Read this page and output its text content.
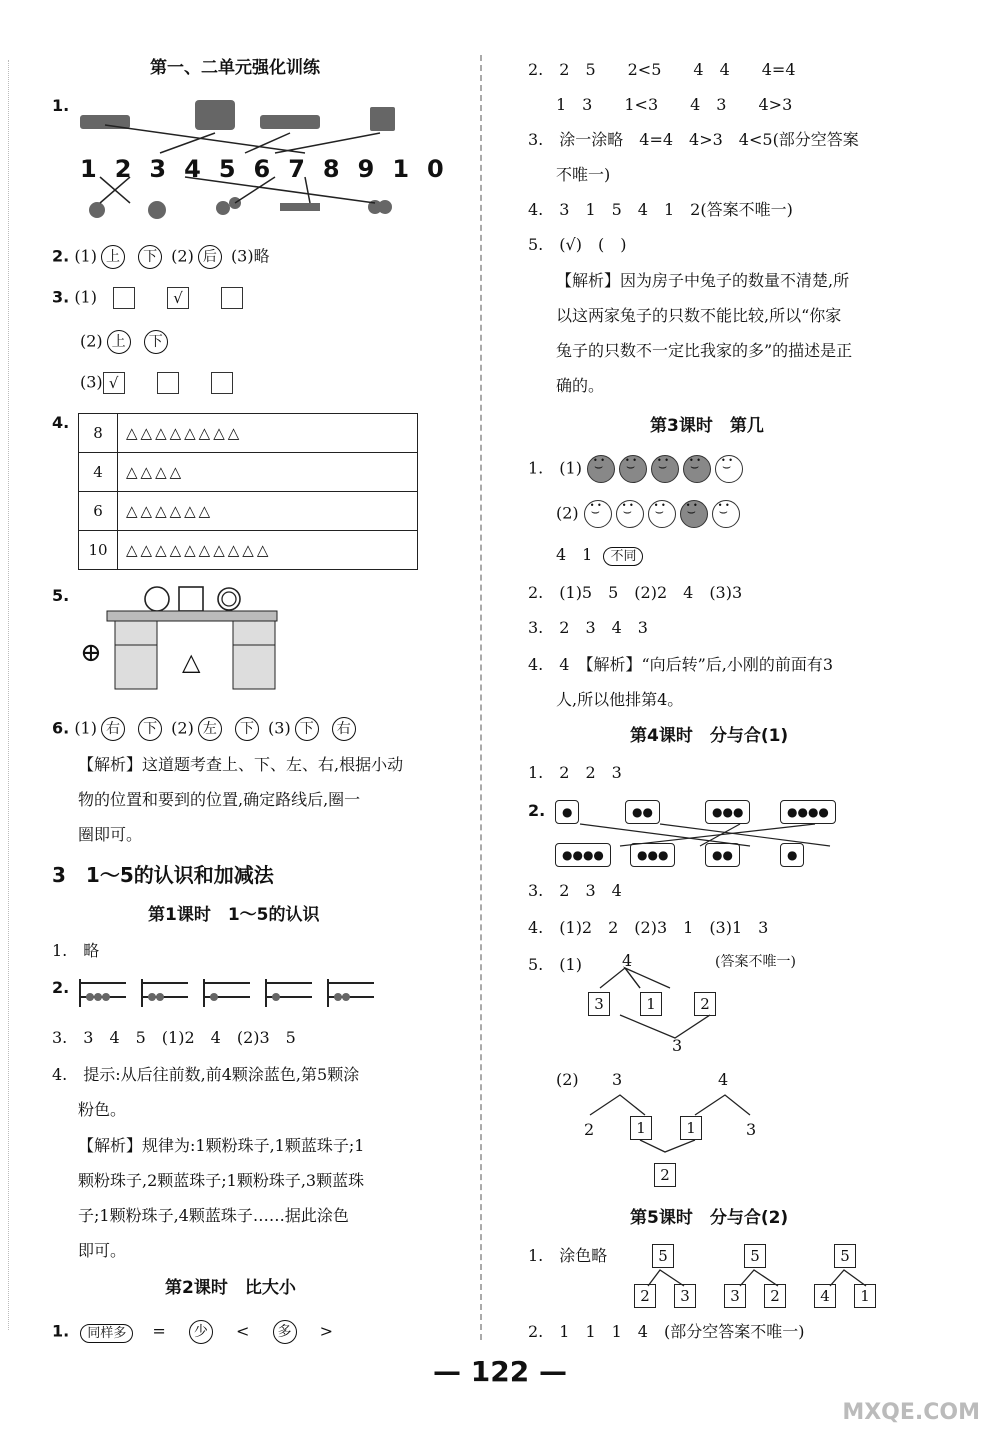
第一、二单元强化训练
1.
12345678910
2. (1) 上 下 (2) 后 (3)略
3. (1)	√
(2) 上 下
(3) √
4.
8	△△△△△△△△
4	△△△△
6	△△△△△△
10	△△△△△△△△△△
5.
⊕	△
6. (1) 右 下 (2) 左 下 (3) 下 右
【解析】这道题考查上、下、左、右,根据小动
物的位置和要到的位置,确定路线后,圈一
圈即可。
3　1～5的认识和加减法
第1课时　1～5的认识
1.　略
2.
3.　3　4　5　(1)2　4　(2)3　5
4.　提示:从后往前数,前4颗涂蓝色,第5颗涂
粉色。
【解析】规律为:1颗粉珠子,1颗蓝珠子;1
颗粉珠子,2颗蓝珠子;1颗粉珠子,3颗蓝珠
子;1颗粉珠子,4颗蓝珠子……据此涂色
即可。
第2课时　比大小
1. 同样多 = 少 < 多 >
2.　2　5　　2<5　　4　4　　4=4
1　3　　1<3　　4　3　　4>3
3.　涂一涂略　4=4　4>3　4<5(部分空答案
不唯一)
4.　3　1　5　4　1　2(答案不唯一)
5.　(√)　(　)
【解析】因为房子中兔子的数量不清楚,所
以这两家兔子的只数不能比较,所以“你家
兔子的只数不一定比我家的多”的描述是正
确的。
第3课时　第几
1.　(1) • • ⌣• • ⌣• • ⌣• • ⌣• • ⌣
(2) • • ⌣• • ⌣• • ⌣• • ⌣• • ⌣
4　1 不同
2.　(1)5　5　(2)2　4　(3)3
3.　2　3　4　3
4.　4　【解析】“向后转”后,小刚的前面有3
人,所以他排第4。
第4课时　分与合(1)
1.　2　2　3
2.	●	●●	●●●	●●●●
●●●●	●●●	●●	●
3.　2　3　4
4.　(1)2　2　(2)3　1　(3)1　3
5.　(1)	(答案不唯一)
4
3	1	2
3
(2) 3	4
2	1	1	3
2
第5课时　分与合(2)
1.　涂色略	5
2	3
5
3	2
5
4	1
2.　1　1　1　4　(部分空答案不唯一)
— 122 —
MXQE.COM
